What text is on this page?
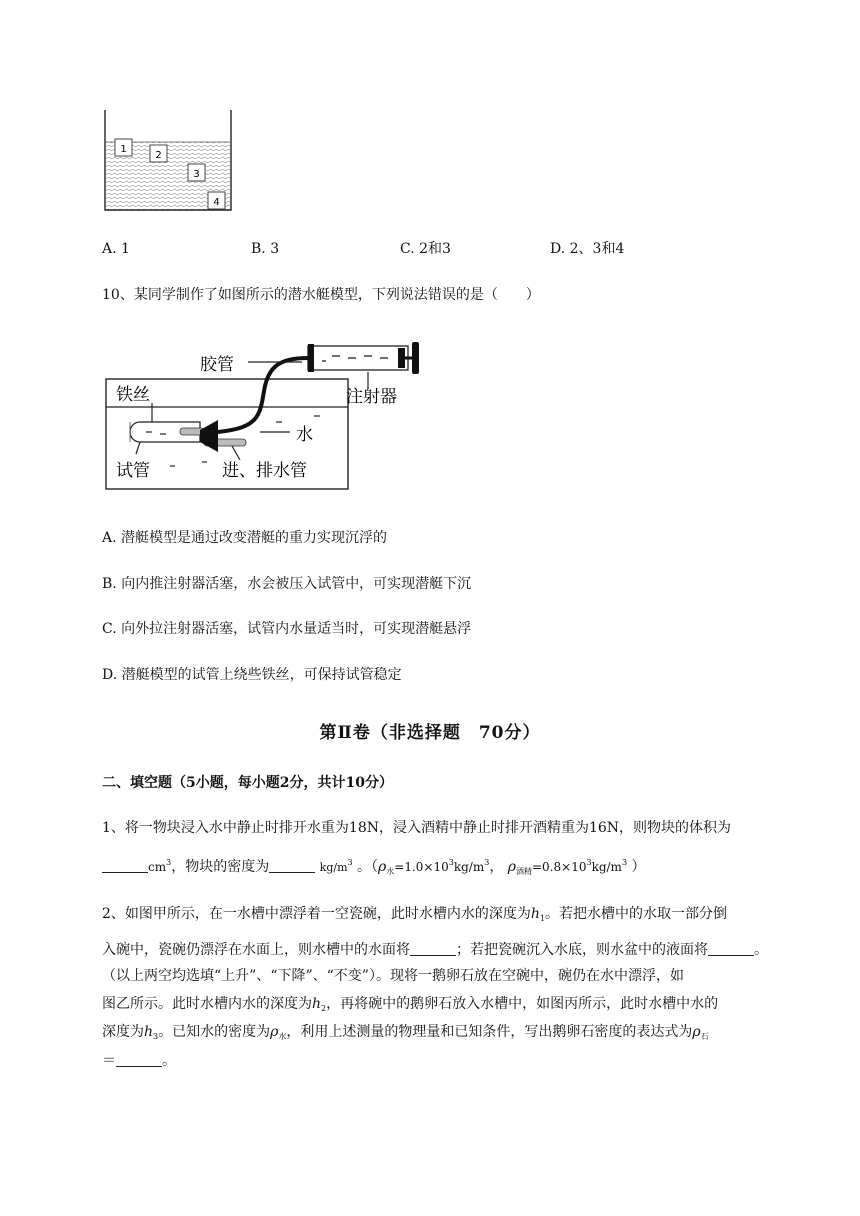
1
2
3
4
A. 1	B. 3	C. 2和3	D. 2、3和4
10、某同学制作了如图所示的潜水艇模型，下列说法错误的是（　　）
胶管
铁丝	注射器
水
试管	进、排水管
A. 潜艇模型是通过改变潜艇的重力实现沉浮的
B. 向内推注射器活塞，水会被压入试管中，可实现潜艇下沉
C. 向外拉注射器活塞，试管内水量适当时，可实现潜艇悬浮
D. 潜艇模型的试管上绕些铁丝，可保持试管稳定
第Ⅱ卷（非选择题　70分）
二、填空题（5小题，每小题2分，共计10分）
1、将一物块浸入水中静止时排开水重为18N，浸入酒精中静止时排开酒精重为16N，则物块的体积为
$cm^3$，物块的密度为	$kg/m^3$ 。（$\rho_水=1.0\times 10^3kg/m^3$， $\rho_{酒精}=0.8\times 10^3kg/m^3$ ）
2、如图甲所示，在一水槽中漂浮着一空瓷碗，此时水槽内水的深度为$h_1$。若把水槽中的水取一部分倒
入碗中，瓷碗仍漂浮在水面上，则水槽中的水面将	；若把瓷碗沉入水底，则水盆中的液面将	。
（以上两空均选填“上升”、“下降”、“不变”）。现将一鹅卵石放在空碗中，碗仍在水中漂浮，如
图乙所示。此时水槽内水的深度为$h_2$，再将碗中的鹅卵石放入水槽中，如图丙所示，此时水槽中水的
深度为$h_3$。已知水的密度为$\rho_水$，利用上述测量的物理量和已知条件，写出鹅卵石密度的表达式为$\rho_石$
＝	。
